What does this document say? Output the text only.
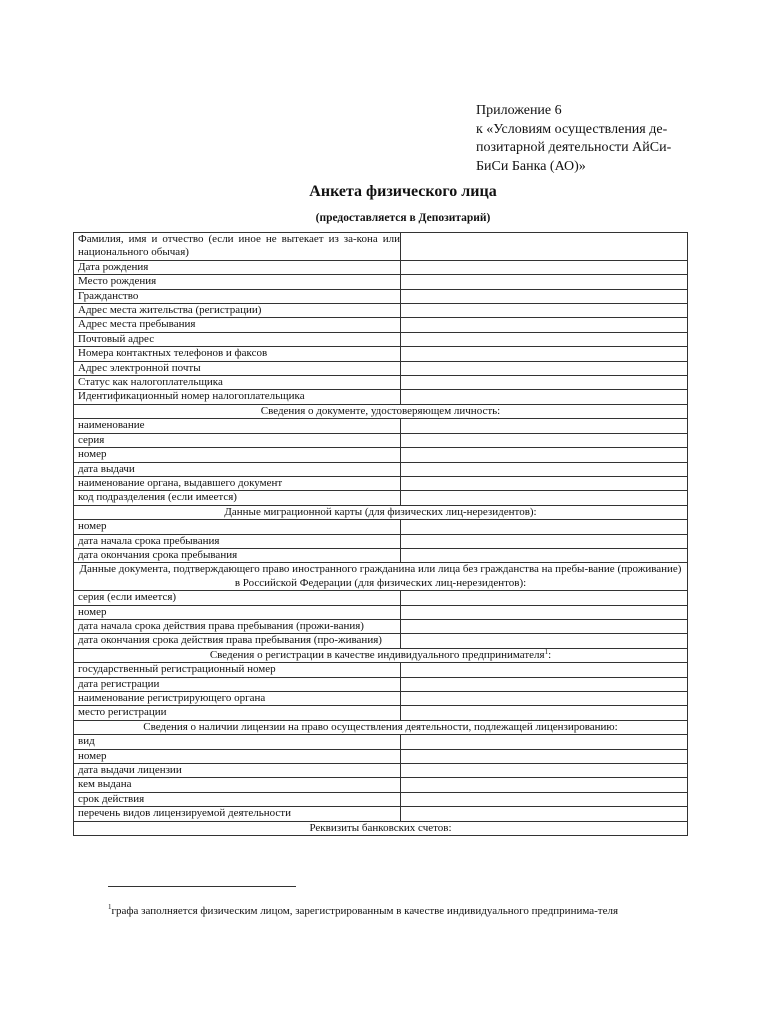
Приложение 6
к «Условиям осуществления де-
позитарной деятельности АйСи-
БиСи Банка (АО)»
Анкета физического лица
(предоставляется в Депозитарий)
Фамилия, имя и отчество (если иное не вытекает из за-кона или национального обычая)	
Дата рождения	
Место рождения	
Гражданство	
Адрес места жительства (регистрации)	
Адрес места пребывания	
Почтовый адрес	
Номера контактных телефонов и факсов	
Адрес электронной почты	
Статус как налогоплательщика	
Идентификационный номер налогоплательщика	
Сведения о документе, удостоверяющем личность:	
наименование	
серия	
номер	
дата выдачи	
наименование органа, выдавшего документ	
код подразделения (если имеется)	
Данные миграционной карты (для физических лиц-нерезидентов):	
номер	
дата начала срока пребывания	
дата окончания срока пребывания	
Данные документа, подтверждающего право иностранного гражданина или лица без гражданства на пребы-вание (проживание) в Российской Федерации (для физических лиц-нерезидентов):	
серия (если имеется)	
номер	
дата начала срока действия права пребывания (прожи-вания)	
дата окончания срока действия права пребывания (про-живания)	
Сведения о регистрации в качестве индивидуального предпринимателя$^1$:	
государственный регистрационный номер	
дата регистрации	
наименование регистрирующего органа	
место регистрации	
Сведения о наличии лицензии на право осуществления деятельности, подлежащей лицензированию:	
вид	
номер	
дата выдачи лицензии	
кем выдана	
срок действия	
перечень видов лицензируемой деятельности	
Реквизиты банковских счетов:	
$^1$графа заполняется физическим лицом, зарегистрированным в качестве индивидуального предпринима-теля
